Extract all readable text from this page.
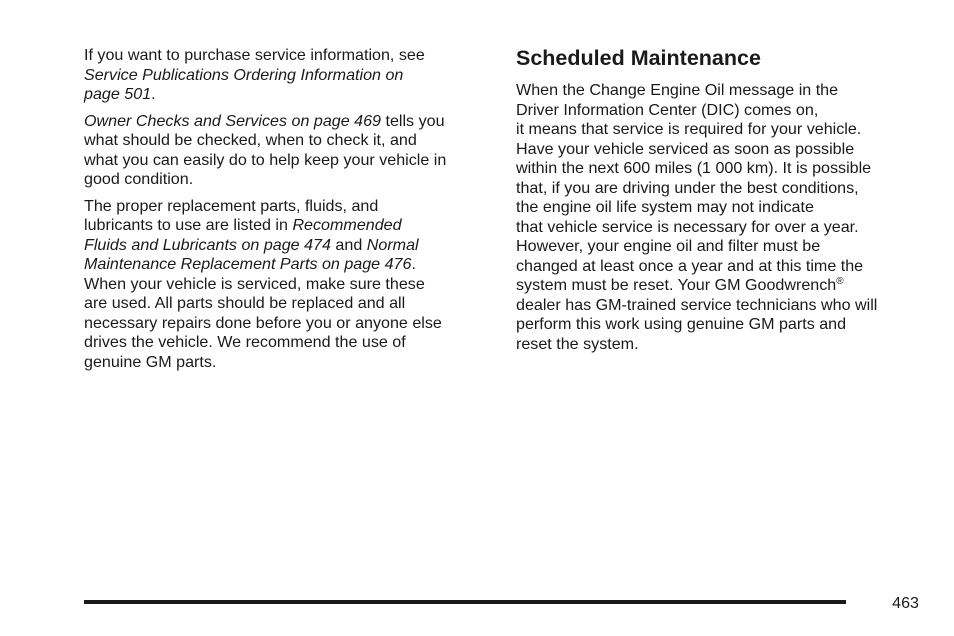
If you want to purchase service information, see
Service Publications Ordering Information on
page 501.

Owner Checks and Services on page 469 tells you
what should be checked, when to check it, and
what you can easily do to help keep your vehicle in
good condition.

The proper replacement parts, fluids, and
lubricants to use are listed in Recommended
Fluids and Lubricants on page 474 and Normal
Maintenance Replacement Parts on page 476.
When your vehicle is serviced, make sure these
are used. All parts should be replaced and all
necessary repairs done before you or anyone else
drives the vehicle. We recommend the use of
genuine GM parts.

Scheduled Maintenance

When the Change Engine Oil message in the
Driver Information Center (DIC) comes on,
it means that service is required for your vehicle.
Have your vehicle serviced as soon as possible
within the next 600 miles (1 000 km). It is possible
that, if you are driving under the best conditions,
the engine oil life system may not indicate
that vehicle service is necessary for over a year.
However, your engine oil and filter must be
changed at least once a year and at this time the
system must be reset. Your GM Goodwrench®
dealer has GM-trained service technicians who will
perform this work using genuine GM parts and
reset the system.

463
